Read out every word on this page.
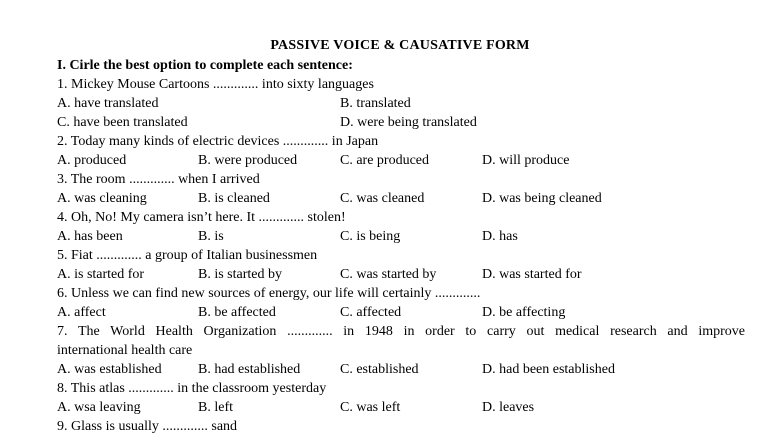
PASSIVE VOICE & CAUSATIVE FORM
I. Cirle the best option to complete each sentence:
1. Mickey Mouse Cartoons ............. into sixty languages
A. have translated	B. translated
C. have been translated	D. were being translated
2. Today many kinds of electric devices ............. in Japan
A. produced	B. were produced	C. are produced	D. will produce
3. The room ............. when I arrived
A. was cleaning	B. is cleaned	C. was cleaned	D. was being cleaned
4. Oh, No! My camera isn’t here. It ............. stolen!
A. has been	B. is	C. is being	D. has
5. Fiat ............. a group of Italian businessmen
A. is started for	B. is started by	C. was started by	D. was started for
6. Unless we can find new sources of energy, our life will certainly .............
A. affect	B. be affected	C. affected	D. be affecting
7. The World Health Organization ............. in 1948 in order to carry out medical research and improve
international health care
A. was established	B. had established	C. established	D. had been established
8. This atlas ............. in the classroom yesterday
A. wsa leaving	B. left	C. was left	D. leaves
9. Glass is usually ............. sand
